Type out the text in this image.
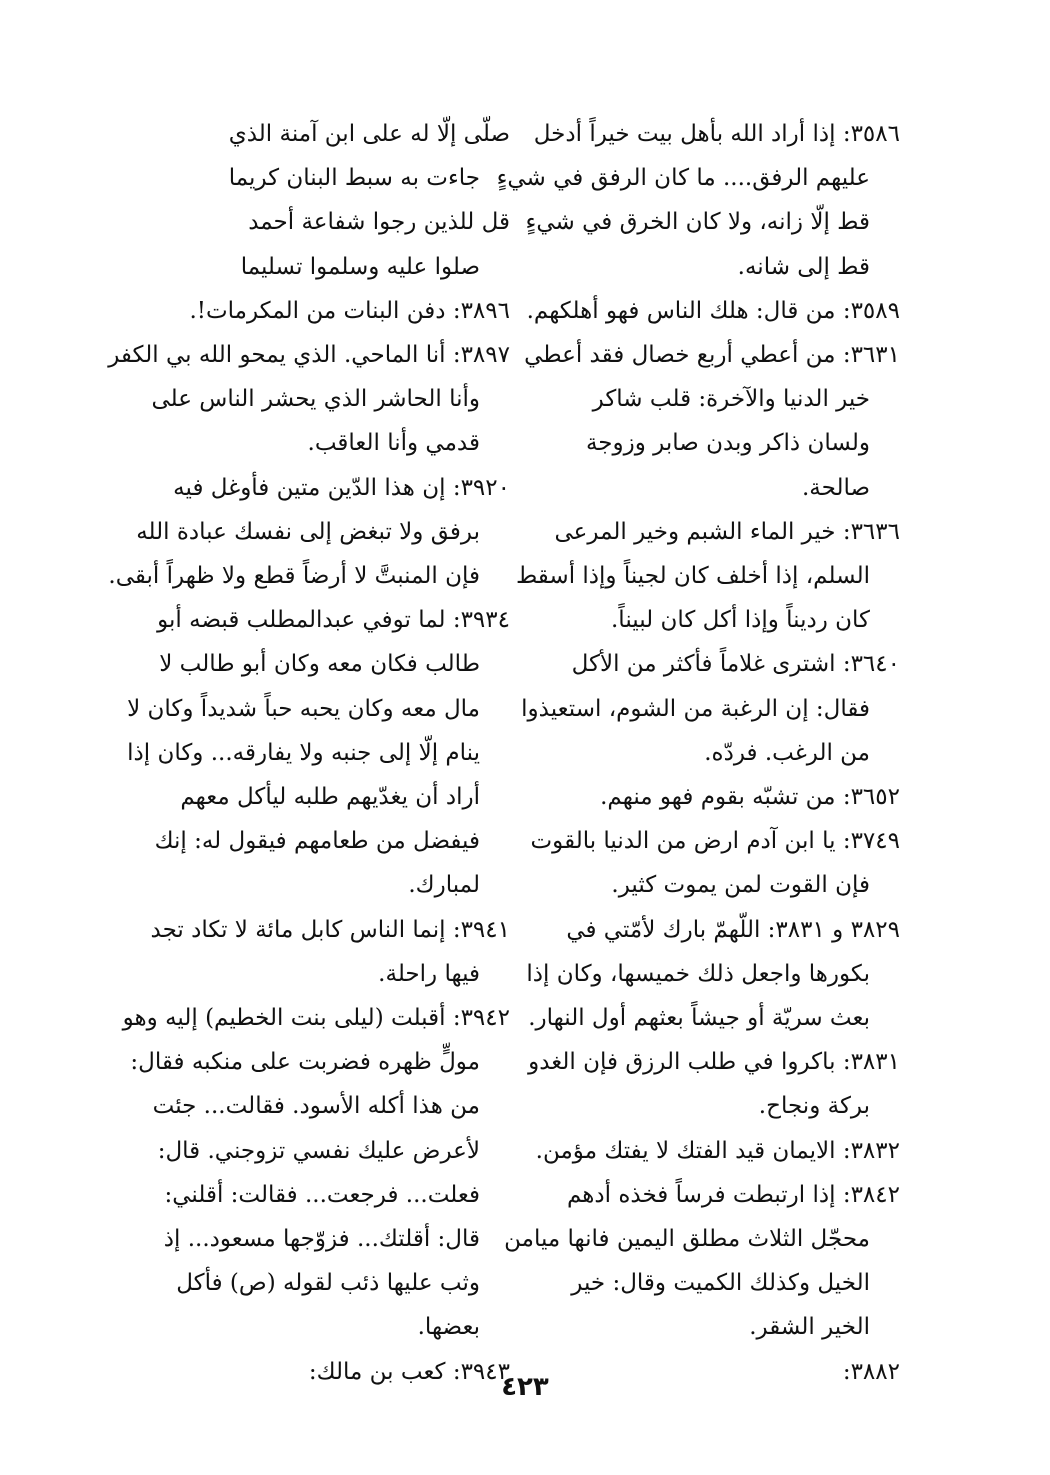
٣٥٨٦: إذا أراد الله بأهل بيت خيراً أدخل
عليهم الرفق.... ما كان الرفق في شيءٍ
قط إلّا زانه، ولا كان الخرق في شيءٍ
قط إلى شانه.
٣٥٨٩: من قال: هلك الناس فهو أهلكهم.
٣٦٣١: من أعطي أربع خصال فقد أعطي
خير الدنيا والآخرة: قلب شاكر
ولسان ذاكر وبدن صابر وزوجة
صالحة.
٣٦٣٦: خير الماء الشبم وخير المرعى
السلم، إذا أخلف كان لجيناً وإذا أسقط
كان رديناً وإذا أكل كان لبيناً.
٣٦٤٠: اشترى غلاماً فأكثر من الأكل
فقال: إن الرغبة من الشوم، استعيذوا
من الرغب. فردّه.
٣٦٥٢: من تشبّه بقوم فهو منهم.
٣٧٤٩: يا ابن آدم ارض من الدنيا بالقوت
فإن القوت لمن يموت كثير.
٣٨٢٩ و ٣٨٣١: اللّهمّ بارك لأمّتي في
بكورها واجعل ذلك خميسها، وكان إذا
بعث سريّة أو جيشاً بعثهم أول النهار.
٣٨٣١: باكروا في طلب الرزق فإن الغدو
بركة ونجاح.
٣٨٣٢: الايمان قيد الفتك لا يفتك مؤمن.
٣٨٤٢: إذا ارتبطت فرساً فخذه أدهم
محجّل الثلاث مطلق اليمين فانها ميامن
الخيل وكذلك الكميت وقال: خير
الخير الشقر.
٣٨٨٢:
صلّى إلّا له على ابن آمنة الذي
جاءت به سبط البنان كريما
قل للذين رجوا شفاعة أحمد
صلوا عليه وسلموا تسليما
٣٨٩٦: دفن البنات من المكرمات!.
٣٨٩٧: أنا الماحي. الذي يمحو الله بي الكفر
وأنا الحاشر الذي يحشر الناس على
قدمي وأنا العاقب.
٣٩٢٠: إن هذا الدّين متين فأوغل فيه
برفق ولا تبغض إلى نفسك عبادة الله
فإن المنبتَّ لا أرضاً قطع ولا ظهراً أبقى.
٣٩٣٤: لما توفي عبدالمطلب قبضه أبو
طالب فكان معه وكان أبو طالب لا
مال معه وكان يحبه حباً شديداً وكان لا
ينام إلّا إلى جنبه ولا يفارقه... وكان إذا
أراد أن يغدّيهم طلبه ليأكل معهم
فيفضل من طعامهم فيقول له: إنك
لمبارك.
٣٩٤١: إنما الناس كابل مائة لا تكاد تجد
فيها راحلة.
٣٩٤٢: أقبلت (ليلى بنت الخطيم) إليه وهو
مولٍّ ظهره فضربت على منكبه فقال:
من هذا أكله الأسود. فقالت... جئت
لأعرض عليك نفسي تزوجني. قال:
فعلت... فرجعت... فقالت: أقلني:
قال: أقلتك... فزوّجها مسعود... إذ
وثب عليها ذئب لقوله (ص) فأكل
بعضها.
٣٩٤٣: كعب بن مالك:
٤٢٣
